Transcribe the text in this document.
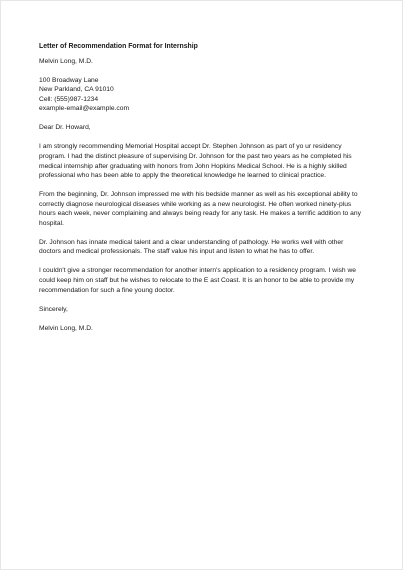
Letter of Recommendation Format for Internship
Melvin Long, M.D.
100 Broadway Lane
New Parkland, CA 91010
Cell: (555)987-1234
example-email@example.com
Dear Dr. Howard,
I am strongly recommending Memorial Hospital accept Dr. Stephen Johnson as part of yo ur residency
program. I had the distinct pleasure of supervising Dr. Johnson for the past two years as he completed his
medical internship after graduating with honors from John Hopkins Medical School. He is a highly skilled
professional who has been able to apply the theoretical knowledge he learned to clinical practice.
From the beginning, Dr. Johnson impressed me with his bedside manner as well as his exceptional ability to
correctly diagnose neurological diseases while working as a new neurologist. He often worked ninety-plus
hours each week, never complaining and always being ready for any task. He makes a terrific addition to any
hospital.
Dr. Johnson has innate medical talent and a clear understanding of pathology. He works well with other
doctors and medical professionals. The staff value his input and listen to what he has to offer.
I couldn't give a stronger recommendation for another intern's application to a residency program. I wish we
could keep him on staff but he wishes to relocate to the E ast Coast. It is an honor to be able to provide my
recommendation for such a fine young doctor.
Sincerely,
Melvin Long, M.D.
